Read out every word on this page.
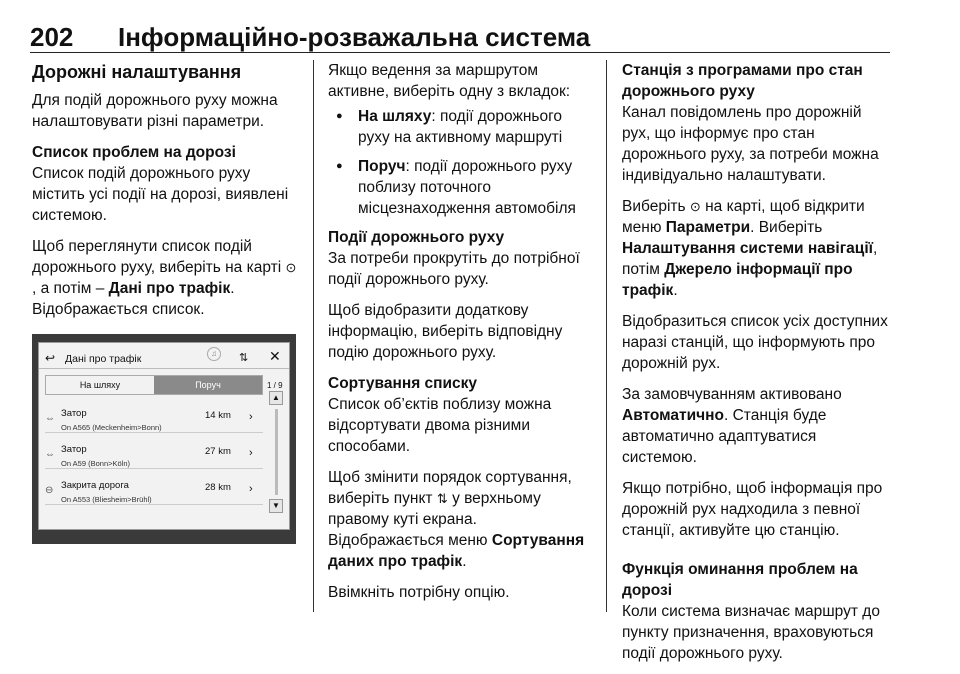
202 Інформаційно-розважальна система
Дорожні налаштування

Для подій дорожнього руху можна налаштовувати різні параметри.

Список проблем на дорозі

Список подій дорожнього руху містить усі події на дорозі, виявлені системою.

Щоб переглянути список подій дорожнього руху, виберіть на карті ⊙, а потім – Дані про трафік.

Відображається список.

↩ Дані про трафік	♫	⇅ ✕
На шляху	Поруч	1 / 9
⇔ Затор
On A565 (Meckenheim>Bonn)
14 km ›
⇔ Затор
On A59 (Bonn>Köln)
27 km ›
⊖ Закрита дорога
On A553 (Bliesheim>Brühl)
28 km ›
▲
▼

Якщо ведення за маршрутом активне, виберіть одну з вкладок:

● На шляху: події дорожнього руху на активному маршруті
● Поруч: події дорожнього руху поблизу поточного місцезнаходження автомобіля
Події дорожнього руху

За потреби прокрутіть до потрібної події дорожнього руху.

Щоб відобразити додаткову інформацію, виберіть відповідну подію дорожнього руху.

Сортування списку

Список об’єктів поблизу можна відсортувати двома різними способами.

Щоб змінити порядок сортування, виберіть пункт ⇅ у верхньому правому куті екрана.

Відображається меню Сортування даних про трафік.

Ввімкніть потрібну опцію.

Станція з програмами про стан дорожнього руху

Канал повідомлень про дорожній рух, що інформує про стан дорожнього руху, за потреби можна індивідуально налаштувати.

Виберіть ⊙ на карті, щоб відкрити меню Параметри. Виберіть Налаштування системи навігації, потім Джерело інформації про трафік.

Відобразиться список усіх доступних наразі станцій, що інформують про дорожній рух.

За замовчуванням активовано Автоматично. Станція буде автоматично адаптуватися системою.

Якщо потрібно, щоб інформація про дорожній рух надходила з певної станції, активуйте цю станцію.

Функція оминання проблем на дорозі

Коли система визначає маршрут до пункту призначення, враховуються події дорожнього руху.
